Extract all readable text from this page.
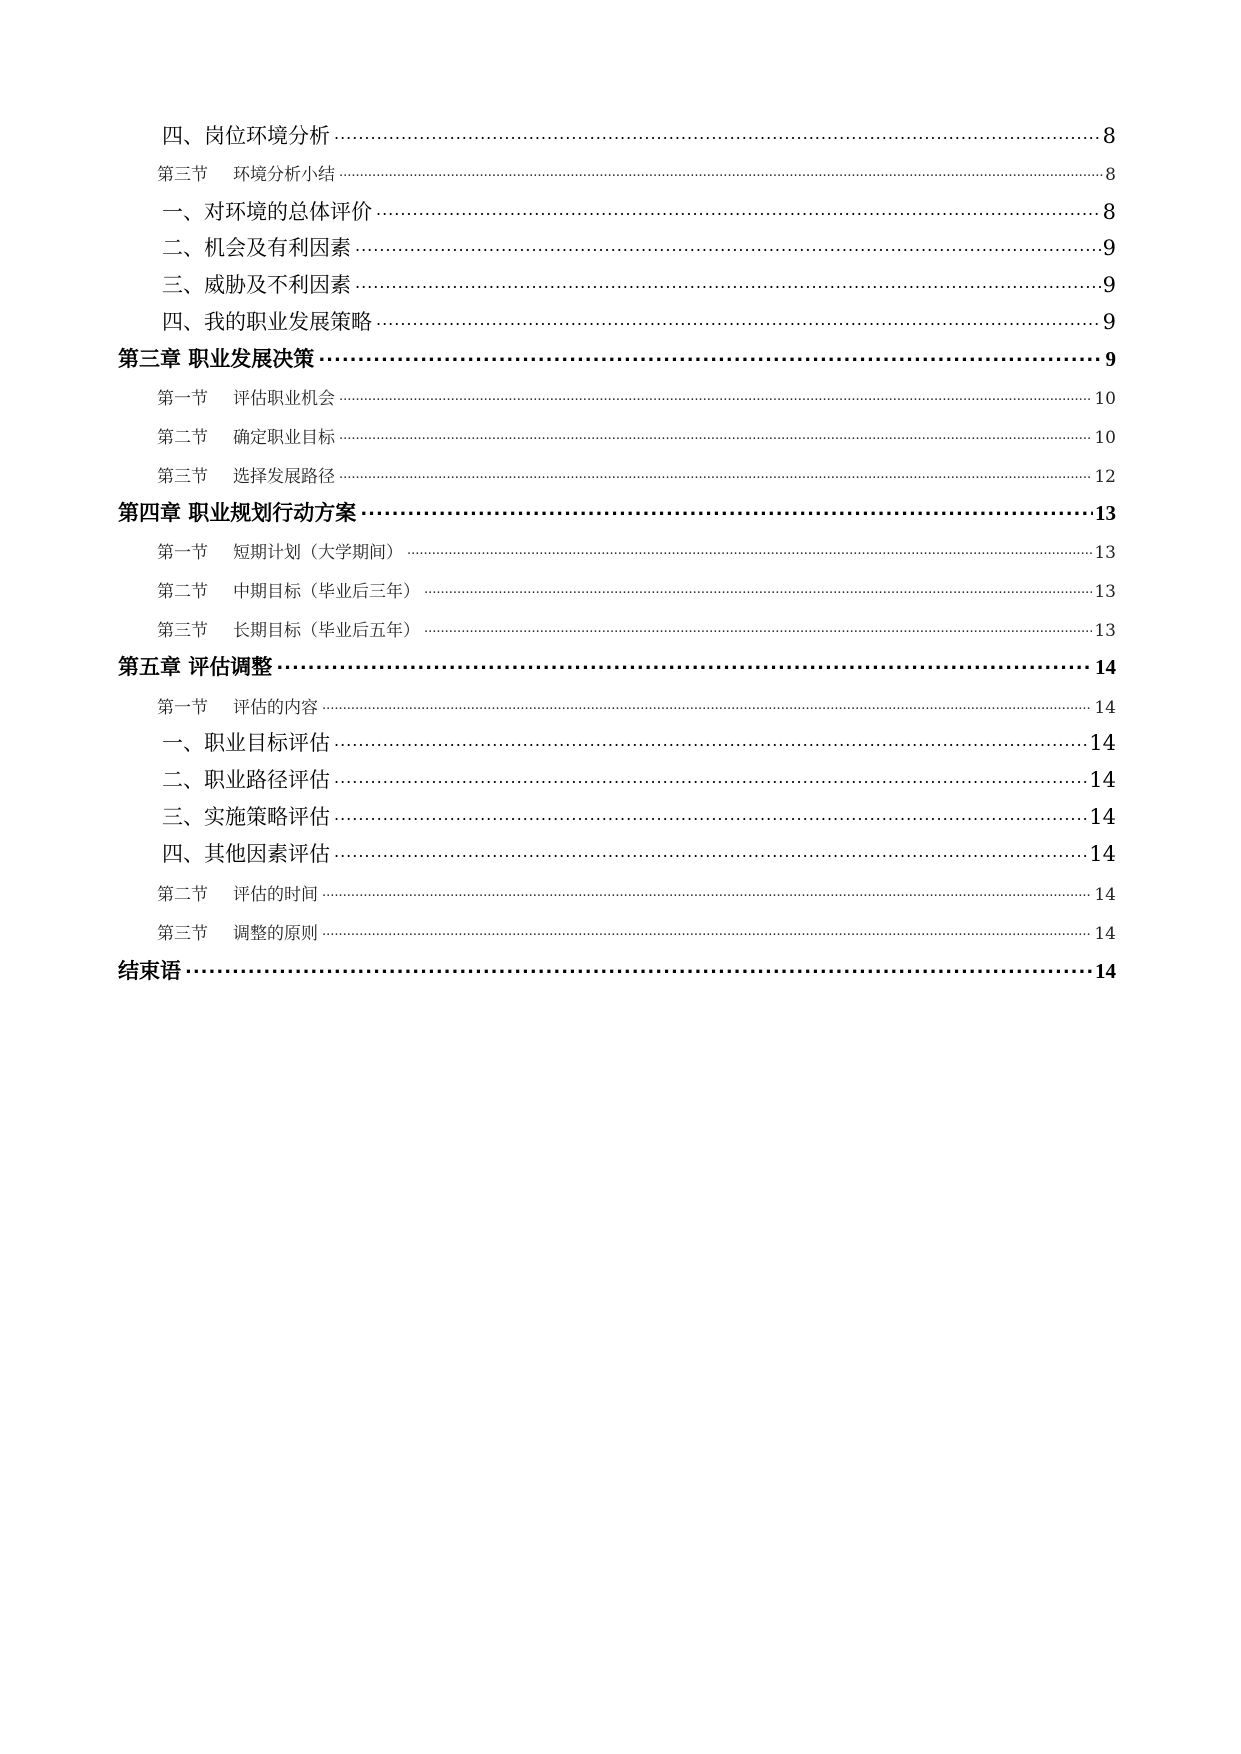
四、岗位环境分析 .....	8
第三节 环境分析小结 .....	8
一、对环境的总体评价 .....	8
二、机会及有利因素 .....	9
三、威胁及不利因素 .....	9
四、我的职业发展策略 .....	9
第三章 职业发展决策 .....	9
第一节 评估职业机会 .....	10
第二节 确定职业目标 .....	10
第三节 选择发展路径 .....	12
第四章 职业规划行动方案 .....	13
第一节 短期计划（大学期间） .....	13
第二节 中期目标（毕业后三年） .....	13
第三节 长期目标（毕业后五年） .....	13
第五章 评估调整 .....	14
第一节 评估的内容 .....	14
一、职业目标评估 .....	14
二、职业路径评估 .....	14
三、实施策略评估 .....	14
四、其他因素评估 .....	14
第二节 评估的时间 .....	14
第三节 调整的原则 .....	14
结束语 .....	14
